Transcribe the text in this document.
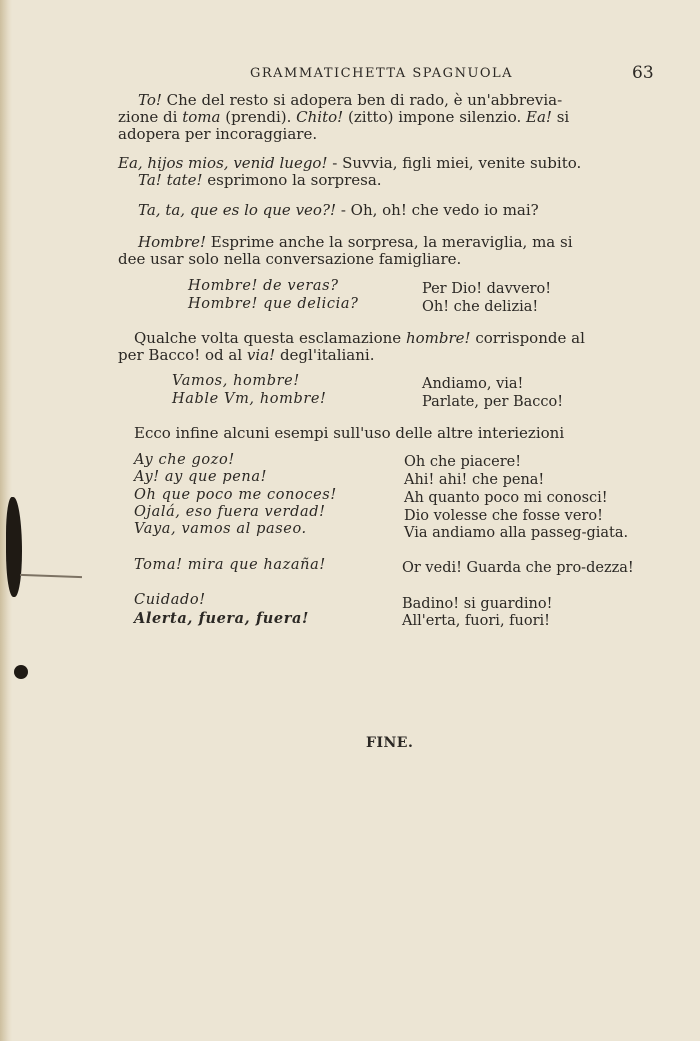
GRAMMATICHETTA SPAGNUOLA	63
To! Che del resto si adopera ben di rado, è un'abbrevia-
zione di toma (prendi). Chito! (zitto) impone silenzio. Ea! si
adopera per incoraggiare.
Ea, hijos mios, venid luego! - Suvvia, figli miei, venite subito.
Ta! tate! esprimono la sorpresa.
Ta, ta, que es lo que veo?! - Oh, oh! che vedo io mai?
Hombre! Esprime anche la sorpresa, la meraviglia, ma si
dee usar solo nella conversazione famigliare.
Hombre! de veras?	Per Dio! davvero!
Hombre! que delicia?	Oh! che delizia!
Qualche volta questa esclamazione hombre! corrisponde al
per Bacco! od al via! degl'italiani.
Vamos, hombre!	Andiamo, via!
Hable Vm, hombre!	Parlate, per Bacco!
Ecco infine alcuni esempi sull'uso delle altre interiezioni
Ay che gozo!	Oh che piacere!
Ay! ay que pena!	Ahi! ahi! che pena!
Oh que poco me conoces!	Ah quanto poco mi conosci!
Ojalá, eso fuera verdad!	Dio volesse che fosse vero!
Vaya, vamos al paseo.	Via andiamo alla passeg-giata.
Toma! mira que hazaña!	Or vedi! Guarda che pro-dezza!
Cuidado!	Badino! si guardino!
Alerta, fuera, fuera!	All'erta, fuori, fuori!
FINE.
